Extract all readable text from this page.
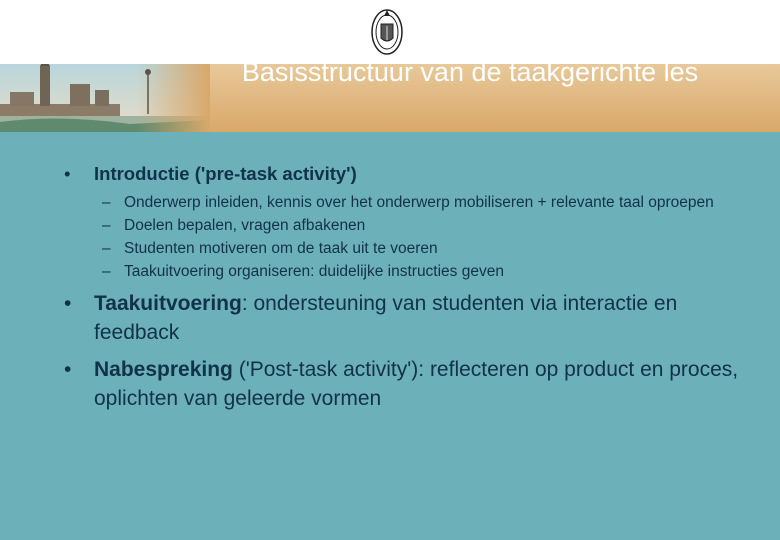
Basisstructuur van de taakgerichte les
• Introductie ('pre-task activity')
– Onderwerp inleiden, kennis over het onderwerp mobiliseren + relevante taal oproepen
– Doelen bepalen, vragen afbakenen
– Studenten motiveren om de taak uit te voeren
– Taakuitvoering organiseren: duidelijke instructies geven
• Taakuitvoering: ondersteuning van studenten via interactie en feedback
• Nabespreking ('Post-task activity'): reflecteren op product en proces, oplichten van geleerde vormen
